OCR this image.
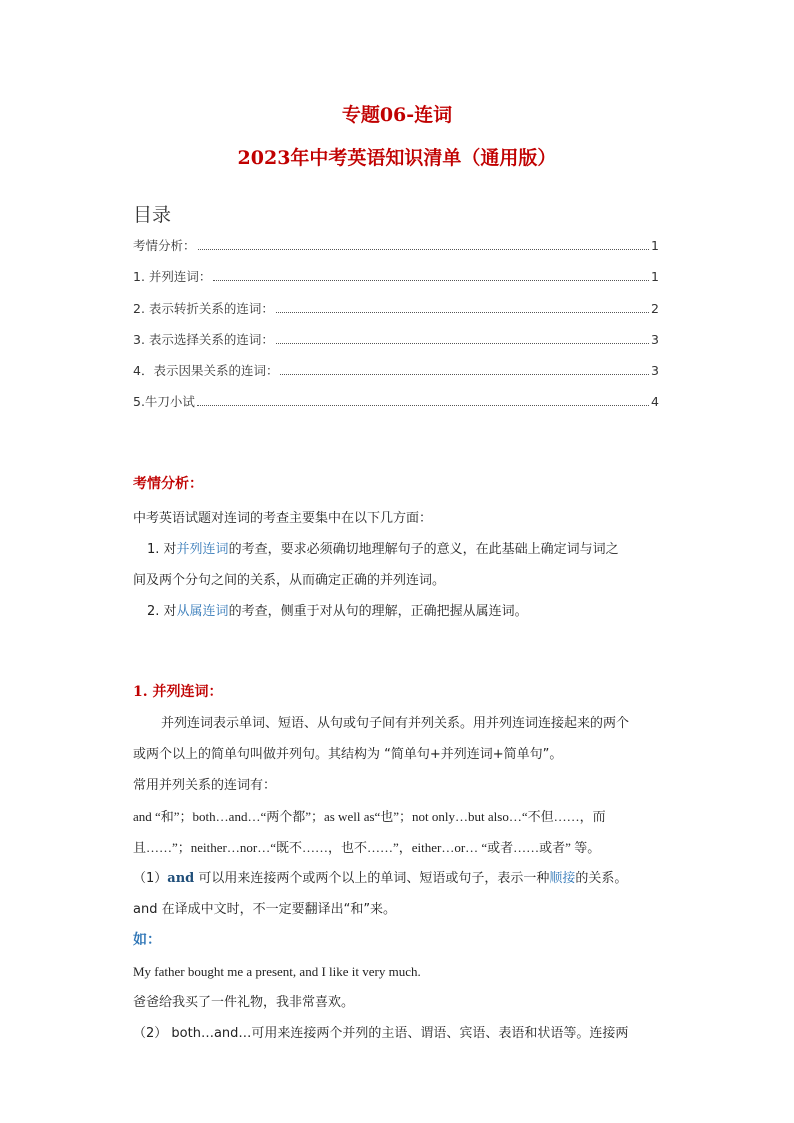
专题06-连词
2023年中考英语知识清单（通用版）
目录
考情分析：	1
1. 并列连词：	1
2. 表示转折关系的连词：	2
3. 表示选择关系的连词：	3
4．表示因果关系的连词：	3
5.牛刀小试	4
考情分析：
中考英语试题对连词的考查主要集中在以下几方面：
1. 对并列连词的考查，要求必须确切地理解句子的意义，在此基础上确定词与词之
间及两个分句之间的关系，从而确定正确的并列连词。
2. 对从属连词的考查，侧重于对从句的理解，正确把握从属连词。
1. 并列连词：
并列连词表示单词、短语、从句或句子间有并列关系。用并列连词连接起来的两个
或两个以上的简单句叫做并列句。其结构为 “简单句+并列连词+简单句”。
常用并列关系的连词有：
and “和”；both…and…“两个都”；as well as“也”；not only…but also…“不但……，而
且……”；neither…nor…“既不……，也不……”，either…or… “或者……或者” 等。
（1）and 可以用来连接两个或两个以上的单词、短语或句子，表示一种顺接的关系。
and 在译成中文时，不一定要翻译出“和”来。
如：
My father bought me a present, and I like it very much.
爸爸给我买了一件礼物，我非常喜欢。
（2） both…and…可用来连接两个并列的主语、谓语、宾语、表语和状语等。连接两
